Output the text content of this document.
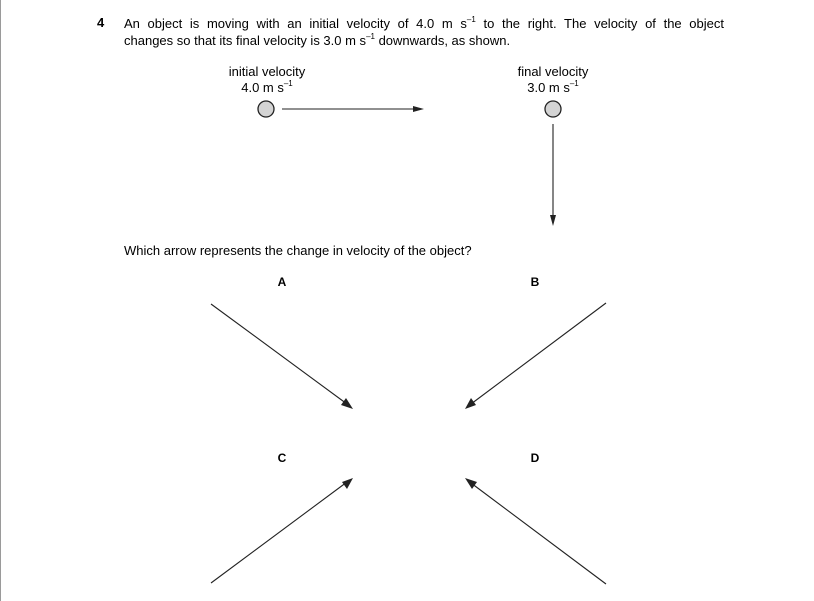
4 An object is moving with an initial velocity of 4.0 m $s^{-1}$ to the right. The velocity of the object
changes so that its final velocity is 3.0 m $s^{-1}$ downwards, as shown.
initial velocity
4.0 m $s^{-1}$
final velocity
3.0 m $s^{-1}$

Which arrow represents the change in velocity of the object?

A	B
C	D
